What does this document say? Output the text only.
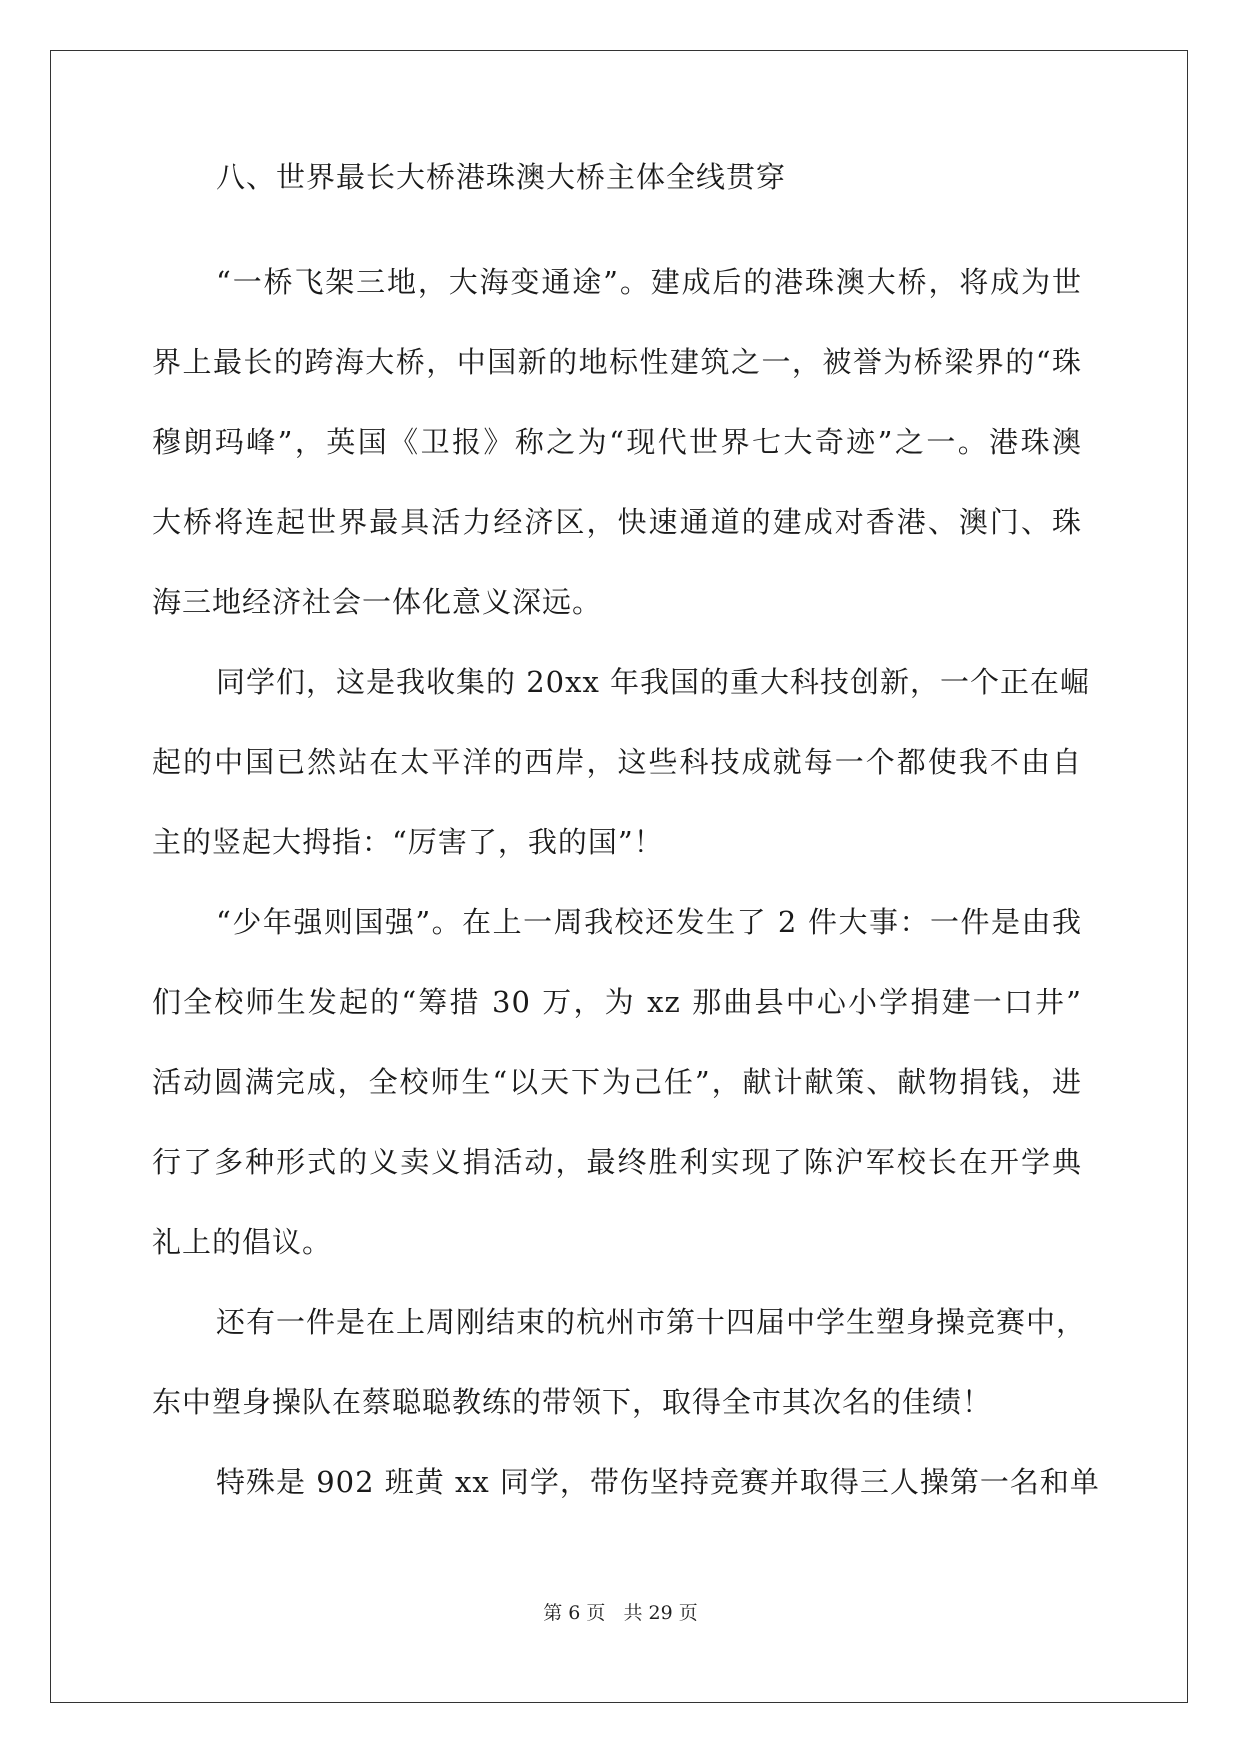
八、世界最长大桥港珠澳大桥主体全线贯穿
“一桥飞架三地，大海变通途”。建成后的港珠澳大桥，将成为世
界上最长的跨海大桥，中国新的地标性建筑之一，被誉为桥梁界的“珠
穆朗玛峰”，英国《卫报》称之为“现代世界七大奇迹”之一。港珠澳
大桥将连起世界最具活力经济区，快速通道的建成对香港、澳门、珠
海三地经济社会一体化意义深远。
同学们，这是我收集的 20xx 年我国的重大科技创新，一个正在崛
起的中国已然站在太平洋的西岸，这些科技成就每一个都使我不由自
主的竖起大拇指：“厉害了，我的国”！
“少年强则国强”。在上一周我校还发生了 2 件大事：一件是由我
们全校师生发起的“筹措 30 万，为 xz 那曲县中心小学捐建一口井”
活动圆满完成，全校师生“以天下为己任”，献计献策、献物捐钱，进
行了多种形式的义卖义捐活动，最终胜利实现了陈沪军校长在开学典
礼上的倡议。
还有一件是在上周刚结束的杭州市第十四届中学生塑身操竞赛中，
东中塑身操队在蔡聪聪教练的带领下，取得全市其次名的佳绩！
特殊是 902 班黄 xx 同学，带伤坚持竞赛并取得三人操第一名和单
第 6 页 共 29 页
